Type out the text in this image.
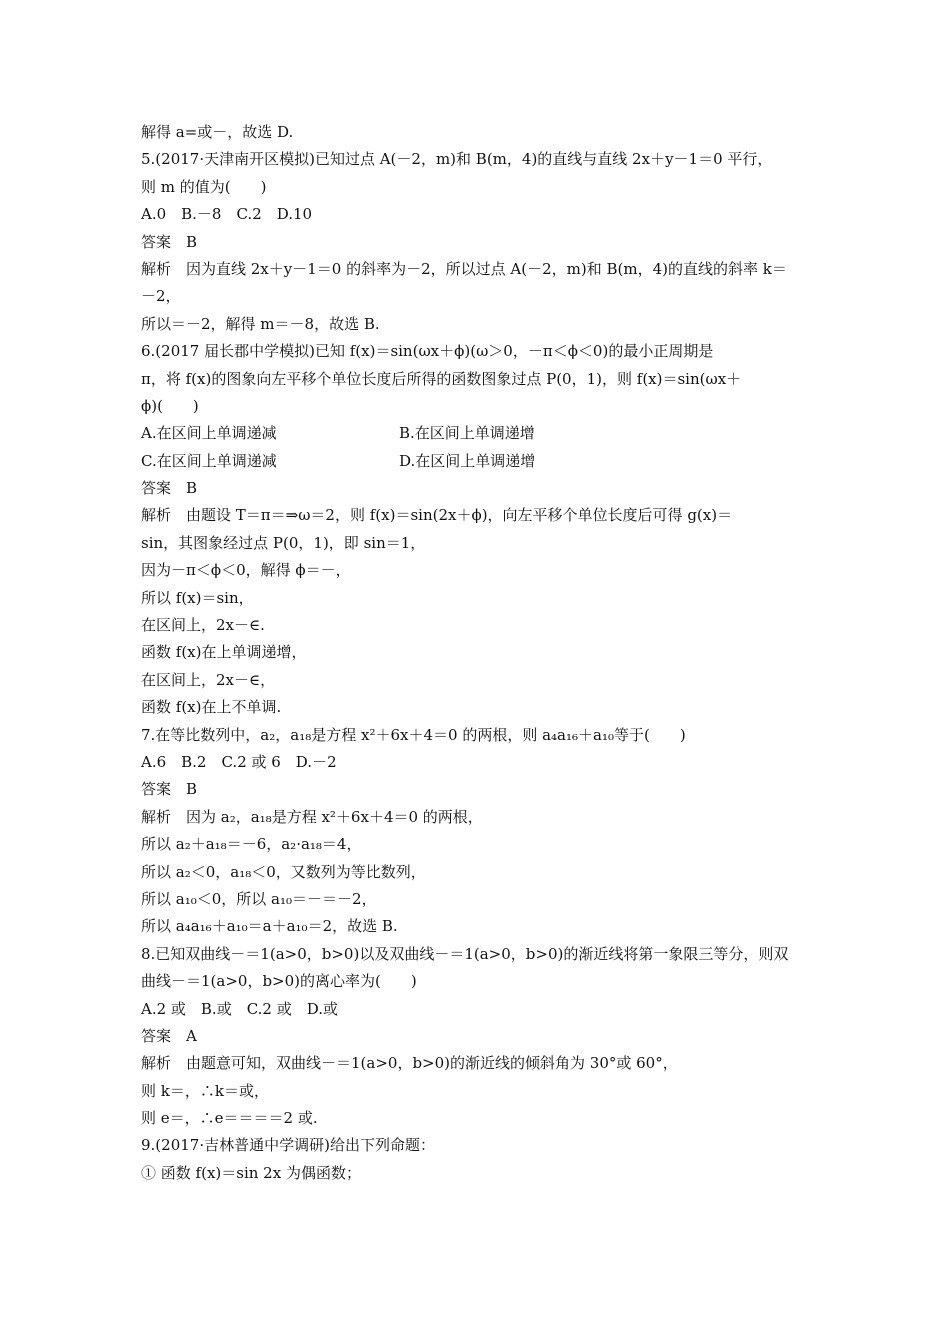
解得 a=或－，故选 D.
5.(2017·天津南开区模拟)已知过点 A(－2，m)和 B(m，4)的直线与直线 2x＋y－1＝0 平行，
则 m 的值为(　　)
A.0　B.－8　C.2　D.10
答案　B
解析　因为直线 2x＋y－1＝0 的斜率为－2，所以过点 A(－2，m)和 B(m，4)的直线的斜率 k＝
－2，
所以＝－2，解得 m＝－8，故选 B.
6.(2017 届长郡中学模拟)已知 f(x)＝sin(ωx＋ϕ)(ω＞0，－π＜ϕ＜0)的最小正周期是
π，将 f(x)的图象向左平移个单位长度后所得的函数图象过点 P(0，1)，则 f(x)＝sin(ωx＋
ϕ)(　　)
A.在区间上单调递减	B.在区间上单调递增
C.在区间上单调递减	D.在区间上单调递增
答案　B
解析　由题设 T＝π＝⇒ω＝2，则 f(x)＝sin(2x＋ϕ)，向左平移个单位长度后可得 g(x)＝
sin，其图象经过点 P(0，1)，即 sin＝1，
因为－π＜ϕ＜0，解得 ϕ＝－，
所以 f(x)＝sin，
在区间上，2x－∈.
函数 f(x)在上单调递增，
在区间上，2x－∈，
函数 f(x)在上不单调.
7.在等比数列中，a₂，a₁₈是方程 x²＋6x＋4＝0 的两根，则 a₄a₁₆＋a₁₀等于(　　)
A.6　B.2　C.2 或 6　D.－2
答案　B
解析　因为 a₂，a₁₈是方程 x²＋6x＋4＝0 的两根，
所以 a₂＋a₁₈＝－6，a₂·a₁₈＝4，
所以 a₂＜0，a₁₈＜0，又数列为等比数列，
所以 a₁₀＜0，所以 a₁₀＝－＝－2，
所以 a₄a₁₆＋a₁₀＝a＋a₁₀＝2，故选 B.
8.已知双曲线－＝1(a>0，b>0)以及双曲线－＝1(a>0，b>0)的渐近线将第一象限三等分，则双
曲线－＝1(a>0，b>0)的离心率为(　　)
A.2 或　B.或　C.2 或　D.或
答案　A
解析　由题意可知，双曲线－＝1(a>0，b>0)的渐近线的倾斜角为 30°或 60°，
则 k＝，∴k＝或，
则 e＝，∴e＝＝＝＝2 或.
9.(2017·吉林普通中学调研)给出下列命题：
① 函数 f(x)＝sin 2x 为偶函数；
